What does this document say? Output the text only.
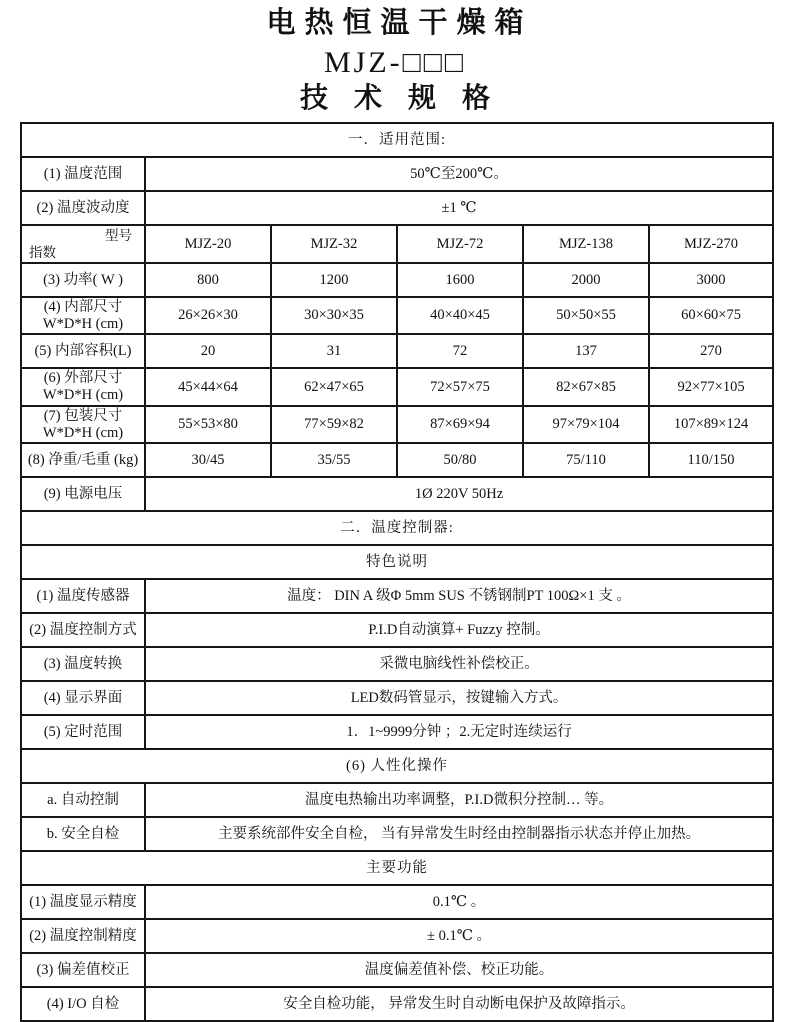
电热恒温干燥箱
MJZ-□□□
技术规格
一．适用范围:					
(1) 温度范围	50℃至200℃。				
(2) 温度波动度	±1 ℃				

型号
指数	MJZ-20	MJZ-32	MJZ-72	MJZ-138	MJZ-270
(3) 功率( W )	800	1200	1600	2000	3000
(4) 内部尺寸W*D*H (cm)	26×26×30	30×30×35	40×40×45	50×50×55	60×60×75
(5) 内部容积(L)	20	31	72	137	270
(6) 外部尺寸W*D*H (cm)	45×44×64	62×47×65	72×57×75	82×67×85	92×77×105
(7) 包装尺寸W*D*H (cm)	55×53×80	77×59×82	87×69×94	97×79×104	107×89×124
(8) 净重/毛重 (kg)	30/45	35/55	50/80	75/110	110/150
(9) 电源电压	1Ø 220V 50Hz				
二．温度控制器:					
特色说明					
(1) 温度传感器	温度： DIN A 级Φ 5mm SUS 不锈钢制PT 100Ω×1 支 。				
(2) 温度控制方式	P.I.D自动演算+ Fuzzy 控制。				
(3) 温度转换	采微电脑线性补偿校正。				
(4) 显示界面	LED数码管显示，按键输入方式。				
(5) 定时范围	1．1~9999分钟 ；2.无定时连续运行				
(6) 人性化操作					
a. 自动控制	温度电热输出功率调整，P.I.D微积分控制… 等。				
b. 安全自检	主要系统部件安全自检， 当有异常发生时经由控制器指示状态并停止加热。				
主要功能					
(1) 温度显示精度	0.1℃ 。				
(2) 温度控制精度	± 0.1℃ 。				
(3) 偏差值校正	温度偏差值补偿、校正功能。				
(4) I/O 自检	安全自检功能， 异常发生时自动断电保护及故障指示。				
